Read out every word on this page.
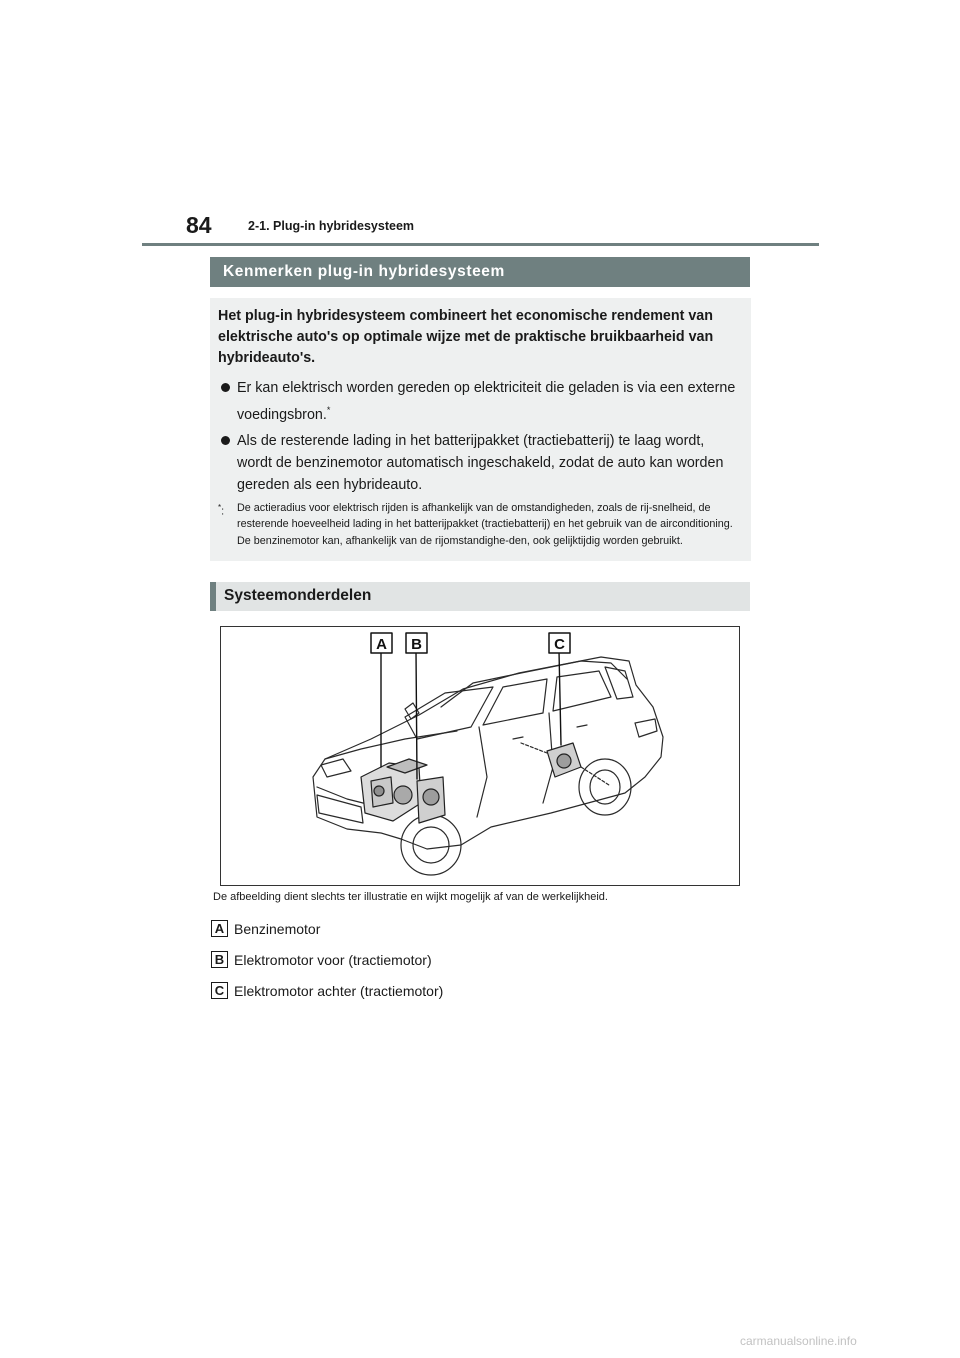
84	2-1. Plug-in hybridesysteem
Kenmerken plug-in hybridesysteem

Het plug-in hybridesysteem combineert het economische rendement van elektrische auto's op optimale wijze met de praktische bruikbaarheid van hybrideauto's.

Er kan elektrisch worden gereden op elektriciteit die geladen is via een externe voedingsbron.*
Als de resterende lading in het batterijpakket (tractiebatterij) te laag wordt, wordt de benzinemotor automatisch ingeschakeld, zodat de auto kan worden gereden als een hybrideauto.
*: De actieradius voor elektrisch rijden is afhankelijk van de omstandigheden, zoals de rij-snelheid, de resterende hoeveelheid lading in het batterijpakket (tractiebatterij) en het gebruik van de airconditioning. De benzinemotor kan, afhankelijk van de rijomstandighe-den, ook gelijktijdig worden gebruikt.
Systeemonderdelen
A B	C
De afbeelding dient slechts ter illustratie en wijkt mogelijk af van de werkelijkheid.
A Benzinemotor
B Elektromotor voor (tractiemotor)
C Elektromotor achter (tractiemotor)
carmanualsonline.info
